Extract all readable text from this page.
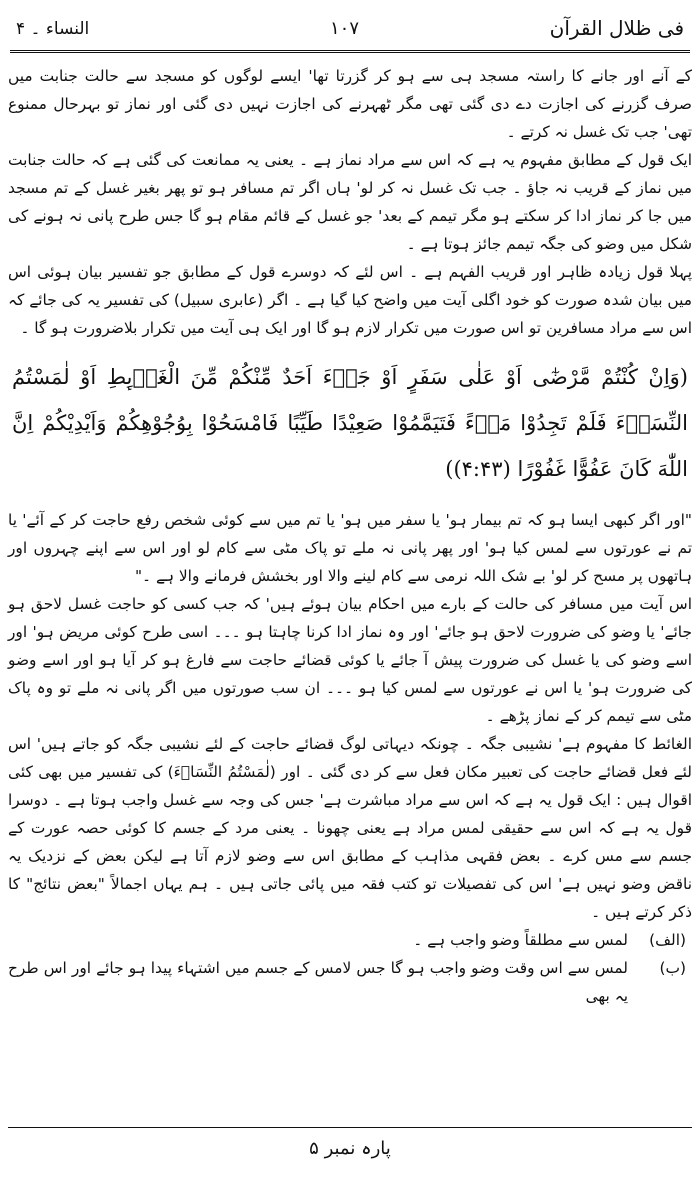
فی ظلال القرآن
۱۰۷
النساء ۔ ۴

کے آنے اور جانے کا راستہ مسجد ہی سے ہو کر گزرتا تھا' ایسے لوگوں کو مسجد سے حالت جنابت میں صرف گزرنے کی اجازت دے دی گئی تھی مگر ٹھہرنے کی اجازت نہیں دی گئی اور نماز تو بہرحال ممنوع تھی' جب تک غسل نہ کرتے ۔

ایک قول کے مطابق مفہوم یہ ہے کہ اس سے مراد نماز ہے ۔ یعنی یہ ممانعت کی گئی ہے کہ حالت جنابت میں نماز کے قریب نہ جاؤ ۔ جب تک غسل نہ کر لو' ہاں اگر تم مسافر ہو تو پھر بغیر غسل کے تم مسجد میں جا کر نماز ادا کر سکتے ہو مگر تیمم کے بعد' جو غسل کے قائم مقام ہو گا جس طرح پانی نہ ہونے کی شکل میں وضو کی جگہ تیمم جائز ہوتا ہے ۔

پہلا قول زیادہ ظاہر اور قریب الفہم ہے ۔ اس لئے کہ دوسرے قول کے مطابق جو تفسیر بیان ہوئی اس میں بیان شدہ صورت کو خود اگلی آیت میں واضح کیا گیا ہے ۔ اگر (عابری سبیل) کی تفسیر یہ کی جائے کہ اس سے مراد مسافرین تو اس صورت میں تکرار لازم ہو گا اور ایک ہی آیت میں تکرار بلاضرورت ہو گا ۔

(وَاِنْ كُنْتُمْ مَّرْضٰٓى اَوْ عَلٰى سَفَرٍ اَوْ جَاۗءَ اَحَدٌ مِّنْكُمْ مِّنَ الْغَاۗىِٕطِ اَوْ لٰمَسْتُمُ النِّسَاۗءَ فَلَمْ تَجِدُوْا مَاۗءً فَتَيَمَّمُوْا صَعِيْدًا طَيِّبًا فَامْسَحُوْا بِوُجُوْهِكُمْ وَاَيْدِيْكُمْ اِنَّ اللّٰهَ كَانَ عَفُوًّا غَفُوْرًا (۴:۴۳))

"اور اگر کبھی ایسا ہو کہ تم بیمار ہو' یا سفر میں ہو' یا تم میں سے کوئی شخص رفع حاجت کر کے آئے' یا تم نے عورتوں سے لمس کیا ہو' اور پھر پانی نہ ملے تو پاک مٹی سے کام لو اور اس سے اپنے چہروں اور ہاتھوں پر مسح کر لو' بے شک اللہ نرمی سے کام لینے والا اور بخشش فرمانے والا ہے ۔"

اس آیت میں مسافر کی حالت کے بارے میں احکام بیان ہوئے ہیں' کہ جب کسی کو حاجت غسل لاحق ہو جائے' یا وضو کی ضرورت لاحق ہو جائے' اور وہ نماز ادا کرنا چاہتا ہو ۔۔۔ اسی طرح کوئی مریض ہو' اور اسے وضو کی یا غسل کی ضرورت پیش آ جائے یا کوئی قضائے حاجت سے فارغ ہو کر آیا ہو اور اسے وضو کی ضرورت ہو' یا اس نے عورتوں سے لمس کیا ہو ۔۔۔ ان سب صورتوں میں اگر پانی نہ ملے تو وہ پاک مٹی سے تیمم کر کے نماز پڑھے ۔

الغائط کا مفہوم ہے' نشیبی جگہ ۔ چونکہ دیہاتی لوگ قضائے حاجت کے لئے نشیبی جگہ کو جاتے ہیں' اس لئے فعل قضائے حاجت کی تعبیر مکان فعل سے کر دی گئی ۔ اور (لٰمَسْتُمُ النِّسَاۗءَ) کی تفسیر میں بھی کئی اقوال ہیں : ایک قول یہ ہے کہ اس سے مراد مباشرت ہے' جس کی وجہ سے غسل واجب ہوتا ہے ۔ دوسرا قول یہ ہے کہ اس سے حقیقی لمس مراد ہے یعنی چھونا ۔ یعنی مرد کے جسم کا کوئی حصہ عورت کے جسم سے مس کرے ۔ بعض فقہی مذاہب کے مطابق اس سے وضو لازم آتا ہے لیکن بعض کے نزدیک یہ ناقض وضو نہیں ہے' اس کی تفصیلات تو کتب فقہ میں پائی جاتی ہیں ۔ ہم یہاں اجمالاً "بعض نتائج" کا ذکر کرتے ہیں ۔

(الف)
لمس سے مطلقاً وضو واجب ہے ۔

(ب)
لمس سے اس وقت وضو واجب ہو گا جس لامس کے جسم میں اشتہاء پیدا ہو جائے اور اس طرح یہ بھی

پارہ نمبر ۵
